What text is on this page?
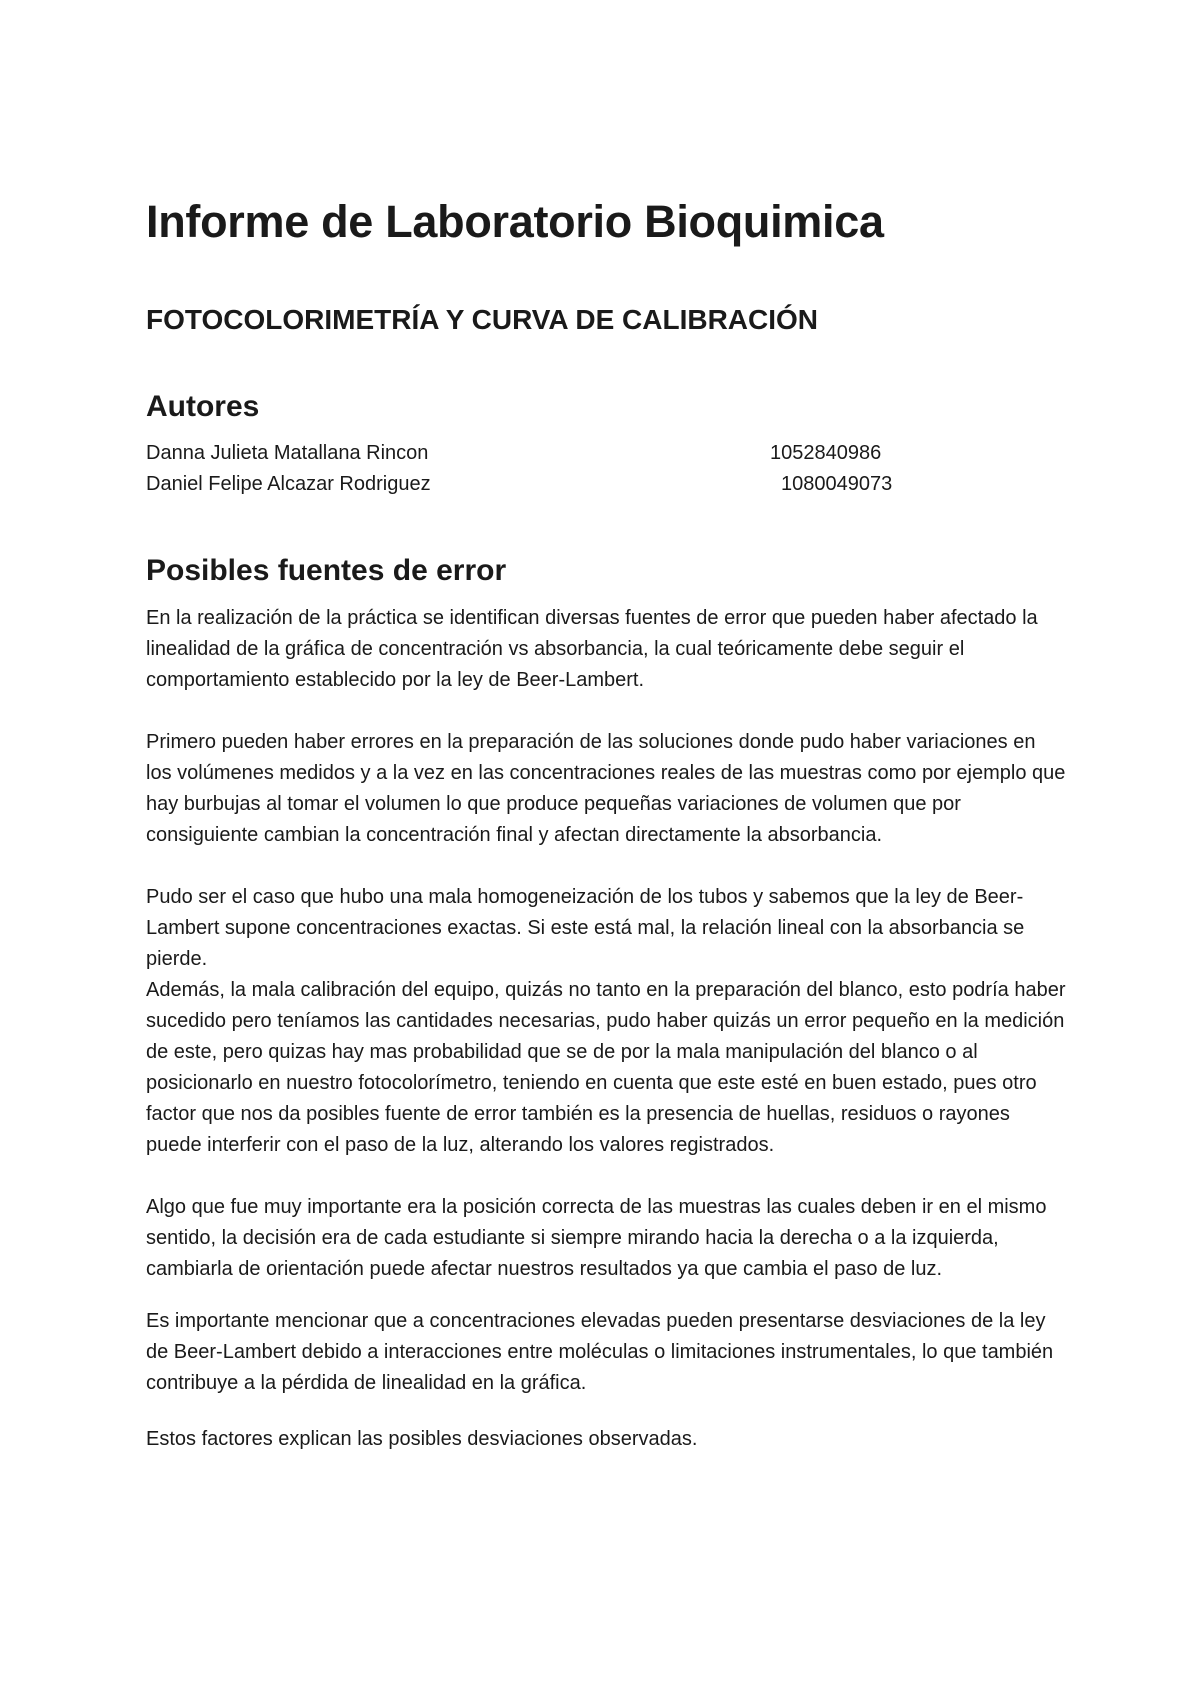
Informe de Laboratorio Bioquimica
FOTOCOLORIMETRÍA Y CURVA DE CALIBRACIÓN
Autores
Danna Julieta Matallana Rincon	1052840986
Daniel Felipe Alcazar Rodriguez	1080049073
Posibles fuentes de error

En la realización de la práctica se identifican diversas fuentes de error que pueden haber afectado la linealidad de la gráfica de concentración vs absorbancia, la cual teóricamente debe seguir el comportamiento establecido por la ley de Beer-Lambert.

Primero pueden haber errores en la preparación de las soluciones donde pudo haber variaciones en los volúmenes medidos y a la vez en las concentraciones reales de las muestras como por ejemplo que hay burbujas al tomar el volumen lo que produce pequeñas variaciones de volumen que por consiguiente cambian la concentración final y afectan directamente la absorbancia.

Pudo ser el caso que hubo una mala homogeneización de los tubos y sabemos que la ley de Beer-Lambert supone concentraciones exactas. Si este está mal, la relación lineal con la absorbancia se pierde.

Además, la mala calibración del equipo, quizás no tanto en la preparación del blanco, esto podría haber sucedido pero teníamos las cantidades necesarias, pudo haber quizás un error pequeño en la medición de este, pero quizas hay mas probabilidad que se de por la mala manipulación del blanco o al posicionarlo en nuestro fotocolorímetro, teniendo en cuenta que este esté en buen estado, pues otro factor que nos da posibles fuente de error también es la presencia de huellas, residuos o rayones puede interferir con el paso de la luz, alterando los valores registrados.

Algo que fue muy importante era la posición correcta de las muestras las cuales deben ir en el mismo sentido, la decisión era de cada estudiante si siempre mirando hacia la derecha o a la izquierda, cambiarla de orientación puede afectar nuestros resultados ya que cambia el paso de luz.

Es importante mencionar que a concentraciones elevadas pueden presentarse desviaciones de la ley de Beer-Lambert debido a interacciones entre moléculas o limitaciones instrumentales, lo que también contribuye a la pérdida de linealidad en la gráfica.

Estos factores explican las posibles desviaciones observadas.
